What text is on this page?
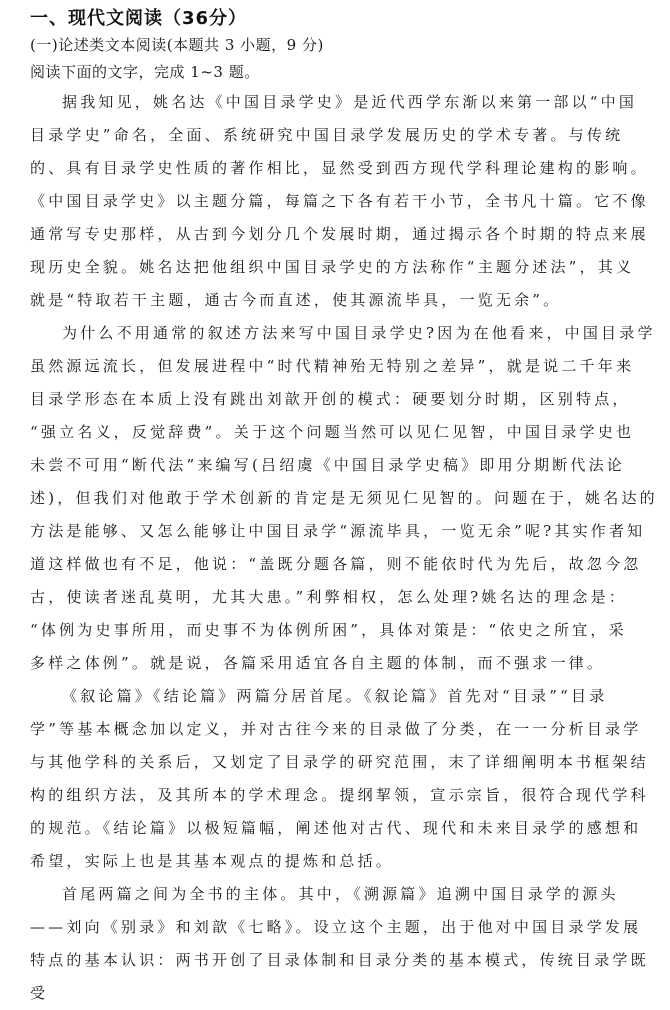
一、现代文阅读（36分）

(一)论述类文本阅读(本题共 3 小题，9 分)

阅读下面的文字，完成 1~3 题。

据我知见，姚名达《中国目录学史》是近代西学东渐以来第一部以“中国

目录学史”命名，全面、系统研究中国目录学发展历史的学术专著。与传统

的、具有目录学史性质的著作相比，显然受到西方现代学科理论建构的影响。

《中国目录学史》以主题分篇，每篇之下各有若干小节，全书凡十篇。它不像

通常写专史那样，从古到今划分几个发展时期，通过揭示各个时期的特点来展

现历史全貌。姚名达把他组织中国目录学史的方法称作“主题分述法”，其义

就是“特取若干主题，通古今而直述，使其源流毕具，一览无余”。

为什么不用通常的叙述方法来写中国目录学史?因为在他看来，中国目录学

虽然源远流长，但发展进程中“时代精神殆无特别之差异”，就是说二千年来

目录学形态在本质上没有跳出刘歆开创的模式：硬要划分时期，区别特点，

“强立名义，反觉辞费”。关于这个问题当然可以见仁见智，中国目录学史也

未尝不可用“断代法”来编写(吕绍虞《中国目录学史稿》即用分期断代法论

述)，但我们对他敢于学术创新的肯定是无须见仁见智的。问题在于，姚名达的

方法是能够、又怎么能够让中国目录学“源流毕具，一览无余”呢?其实作者知

道这样做也有不足，他说：“盖既分题各篇，则不能依时代为先后，故忽今忽

古，使读者迷乱莫明，尤其大患。”利弊相权，怎么处理?姚名达的理念是：

“体例为史事所用，而史事不为体例所困”，具体对策是：“依史之所宜，采

多样之体例”。就是说，各篇采用适宜各自主题的体制，而不强求一律。

《叙论篇》《结论篇》两篇分居首尾。《叙论篇》首先对“目录”“目录

学”等基本概念加以定义，并对古往今来的目录做了分类，在一一分析目录学

与其他学科的关系后，又划定了目录学的研究范围，末了详细阐明本书框架结

构的组织方法，及其所本的学术理念。提纲挈领，宣示宗旨，很符合现代学科

的规范。《结论篇》以极短篇幅，阐述他对古代、现代和未来目录学的感想和

希望，实际上也是其基本观点的提炼和总括。

首尾两篇之间为全书的主体。其中，《溯源篇》追溯中国目录学的源头

——刘向《别录》和刘歆《七略》。设立这个主题，出于他对中国目录学发展

特点的基本认识：两书开创了目录体制和目录分类的基本模式，传统目录学既

受
